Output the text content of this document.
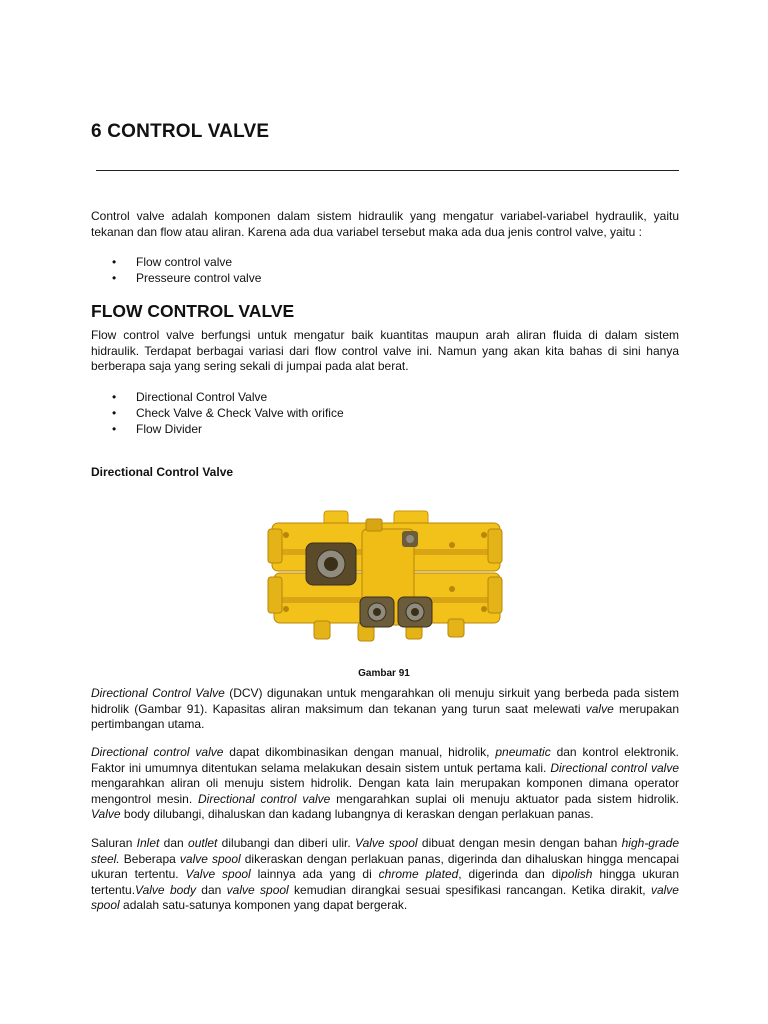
6 CONTROL VALVE

Control valve adalah komponen dalam sistem hidraulik yang mengatur variabel-variabel hydraulik, yaitu tekanan dan flow atau aliran. Karena ada dua variabel tersebut maka ada dua jenis control valve, yaitu :

• Flow control valve
• Presseure control valve
FLOW CONTROL VALVE

Flow control valve berfungsi untuk mengatur baik kuantitas maupun arah aliran fluida di dalam sistem hidraulik. Terdapat berbagai variasi dari flow control valve ini. Namun yang akan kita bahas di sini hanya berberapa saja yang sering sekali di jumpai pada alat berat.

• Directional Control Valve
• Check Valve & Check Valve with orifice
• Flow Divider
Directional Control Valve
Gambar 91

Directional Control Valve (DCV) digunakan untuk mengarahkan oli menuju sirkuit yang berbeda pada sistem hidrolik (Gambar 91). Kapasitas aliran maksimum dan tekanan yang turun saat melewati valve merupakan pertimbangan utama.

Directional control valve dapat dikombinasikan dengan manual, hidrolik, pneumatic dan kontrol elektronik. Faktor ini umumnya ditentukan selama melakukan desain sistem untuk pertama kali. Directional control valve mengarahkan aliran oli menuju sistem hidrolik. Dengan kata lain merupakan komponen dimana operator mengontrol mesin. Directional control valve mengarahkan suplai oli menuju aktuator pada sistem hidrolik. Valve body dilubangi, dihaluskan dan kadang lubangnya di keraskan dengan perlakuan panas.

Saluran Inlet dan outlet dilubangi dan diberi ulir. Valve spool dibuat dengan mesin dengan bahan high-grade steel. Beberapa valve spool dikeraskan dengan perlakuan panas, digerinda dan dihaluskan hingga mencapai ukuran tertentu. Valve spool lainnya ada yang di chrome plated, digerinda dan dipolish hingga ukuran tertentu.Valve body dan valve spool kemudian dirangkai sesuai spesifikasi rancangan. Ketika dirakit, valve spool adalah satu-satunya komponen yang dapat bergerak.
